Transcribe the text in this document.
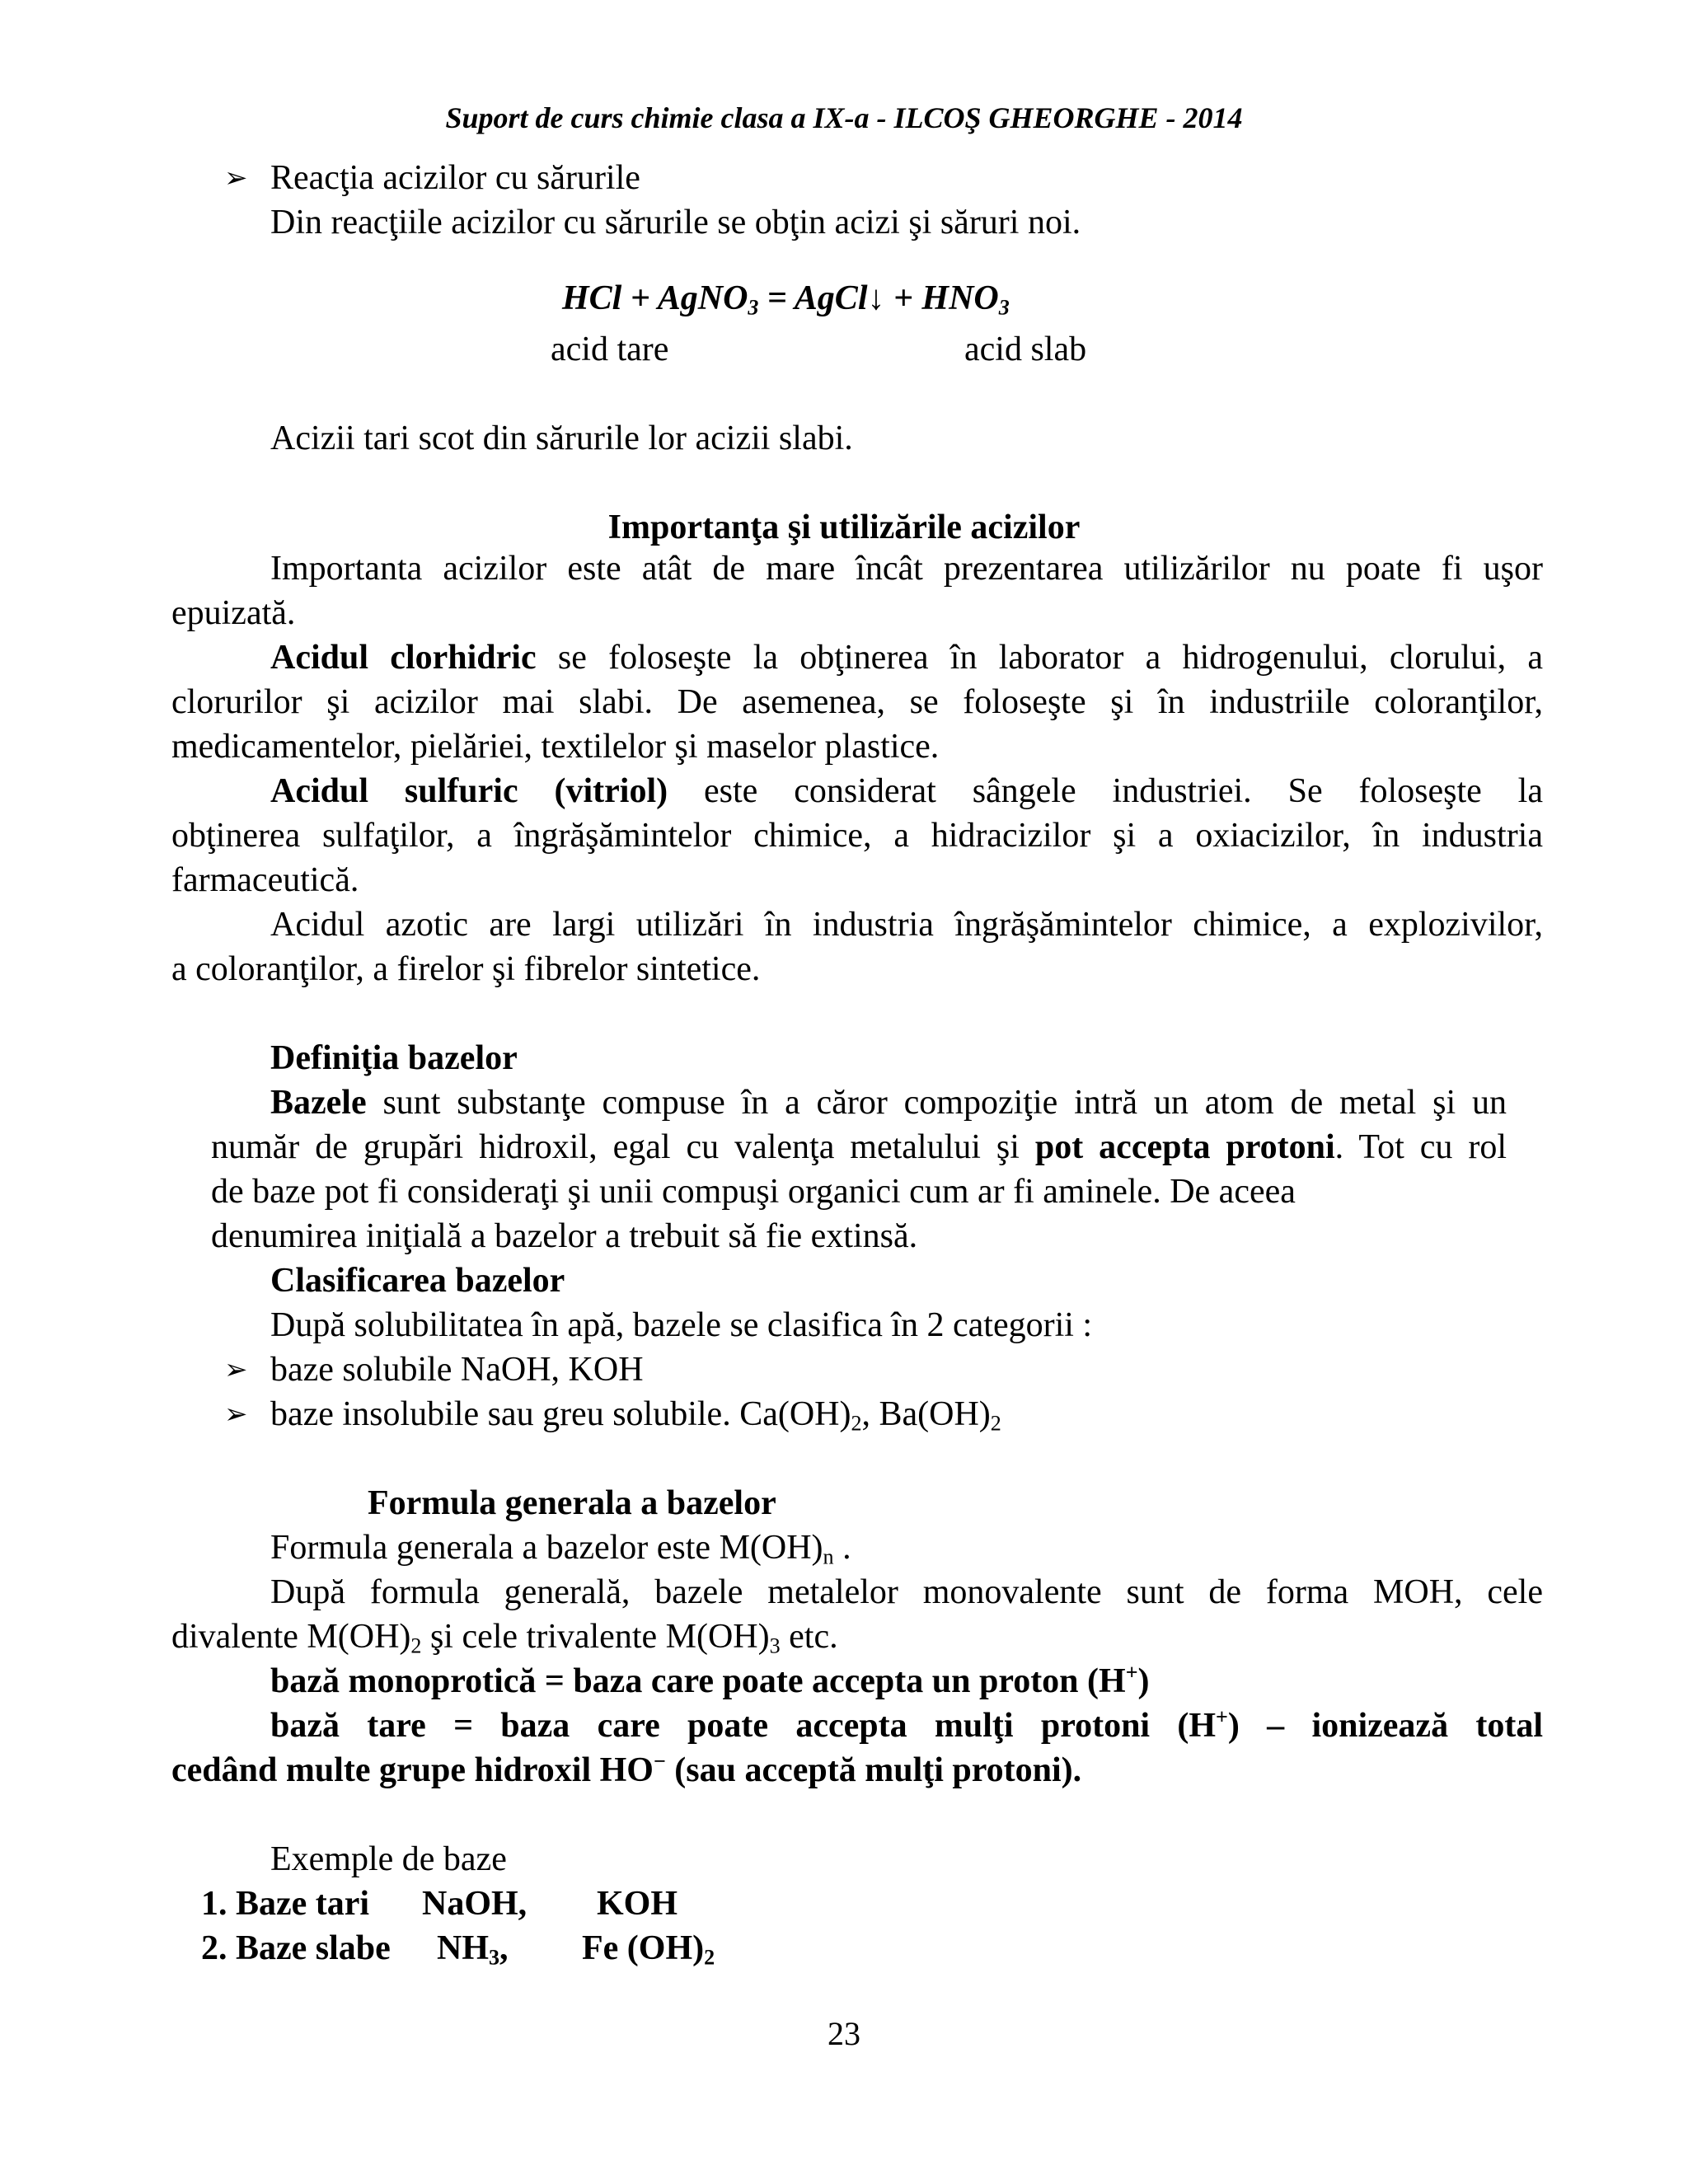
Suport de curs chimie clasa a IX-a - ILCOŞ GHEORGHE - 2014
➢ Reacţia acizilor cu sărurile
Din reacţiile acizilor cu sărurile se obţin acizi şi săruri noi.
HCl + AgNO$_3$ = AgCl↓ + $HNO_3$
acid tare	acid slab
Acizii tari scot din sărurile lor acizii slabi.
Importanţa şi utilizările acizilor
Importanta acizilor este atât de mare încât prezentarea utilizărilor nu poate fi uşor
epuizată.
Acidul clorhidric se foloseşte la obţinerea în laborator a hidrogenului, clorului, a
clorurilor şi acizilor mai slabi. De asemenea, se foloseşte şi în industriile coloranţilor,
medicamentelor, pielăriei, textilelor şi maselor plastice.
Acidul sulfuric (vitriol) este considerat sângele industriei. Se foloseşte la
obţinerea sulfaţilor, a îngrăşămintelor chimice, a hidracizilor şi a oxiacizilor, în industria
farmaceutică.
Acidul azotic are largi utilizări în industria îngrăşămintelor chimice, a explozivilor,
a coloranţilor, a firelor şi fibrelor sintetice.
Definiţia bazelor
Bazele sunt substanţe compuse în a căror compoziţie intră un atom de metal şi un
număr de grupări hidroxil, egal cu valenţa metalului şi pot accepta protoni. Tot cu rol
de baze pot fi consideraţi şi unii compuşi organici cum ar fi aminele. De aceea
denumirea iniţială a bazelor a trebuit să fie extinsă.
Clasificarea bazelor
După solubilitatea în apă, bazele se clasifica în 2 categorii :
➢ baze solubile NaOH, KOH
➢ baze insolubile sau greu solubile. $Ca(OH)_2$, $Ba(OH)_2$
Formula generala a bazelor
Formula generala a bazelor este $M(OH)_n$ .
După formula generală, bazele metalelor monovalente sunt de forma MOH, cele
divalente $M(OH)_2$ şi cele trivalente $M(OH)_3$ etc.
bază monoprotică = baza care poate accepta un proton (H+)
bază tare = baza care poate accepta mulţi protoni (H+) – ionizează total
cedând multe grupe hidroxil HO− (sau acceptă mulţi protoni).
Exemple de baze
1. Baze tari NaOH, KOH
2. Baze slabe $NH_3$, Fe $(OH)_2$
23
